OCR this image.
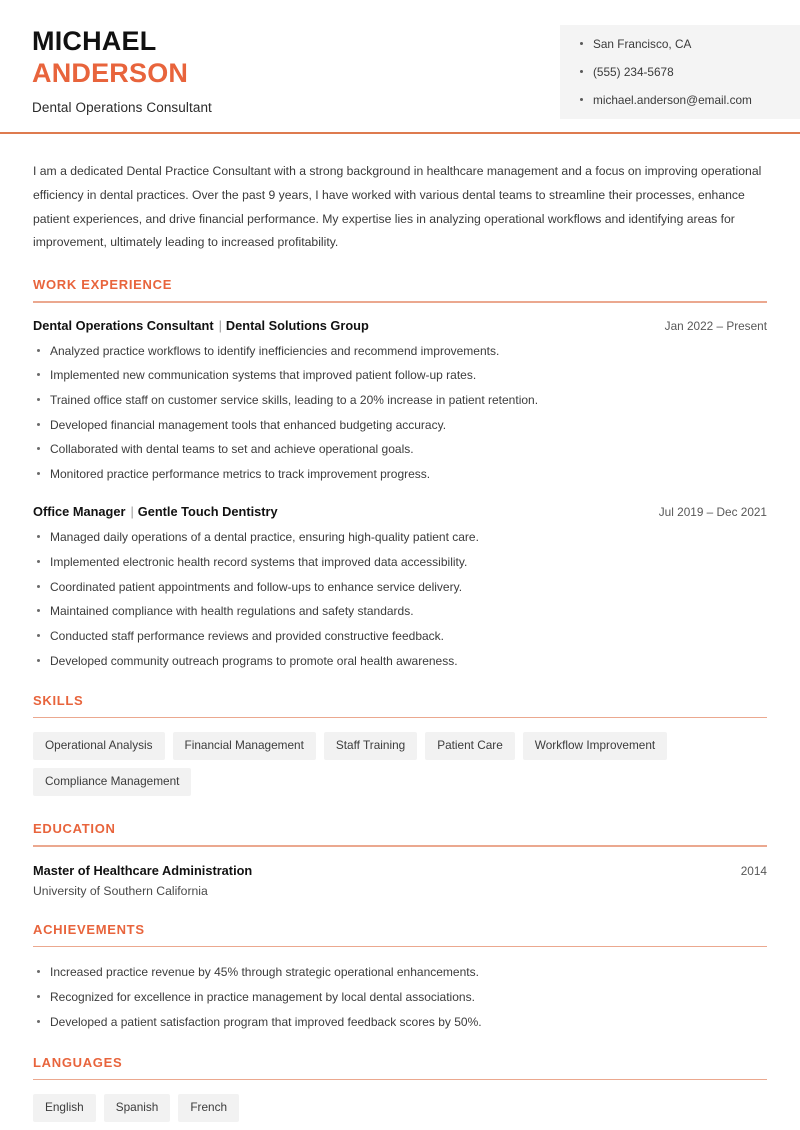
MICHAEL
ANDERSON
Dental Operations Consultant
San Francisco, CA
(555) 234-5678
michael.anderson@email.com

I am a dedicated Dental Practice Consultant with a strong background in healthcare management and a focus on improving operational efficiency in dental practices. Over the past 9 years, I have worked with various dental teams to streamline their processes, enhance patient experiences, and drive financial performance. My expertise lies in analyzing operational workflows and identifying areas for improvement, ultimately leading to increased profitability.

WORK EXPERIENCE
Dental Operations Consultant | Dental Solutions Group	Jan 2022 – Present
Analyzed practice workflows to identify inefficiencies and recommend improvements.
Implemented new communication systems that improved patient follow-up rates.
Trained office staff on customer service skills, leading to a 20% increase in patient retention.
Developed financial management tools that enhanced budgeting accuracy.
Collaborated with dental teams to set and achieve operational goals.
Monitored practice performance metrics to track improvement progress.
Office Manager | Gentle Touch Dentistry	Jul 2019 – Dec 2021
Managed daily operations of a dental practice, ensuring high-quality patient care.
Implemented electronic health record systems that improved data accessibility.
Coordinated patient appointments and follow-ups to enhance service delivery.
Maintained compliance with health regulations and safety standards.
Conducted staff performance reviews and provided constructive feedback.
Developed community outreach programs to promote oral health awareness.
SKILLS
Operational Analysis	Financial Management	Staff Training	Patient Care	Workflow Improvement
Compliance Management
EDUCATION
Master of Healthcare Administration	2014
University of Southern California
ACHIEVEMENTS
Increased practice revenue by 45% through strategic operational enhancements.
Recognized for excellence in practice management by local dental associations.
Developed a patient satisfaction program that improved feedback scores by 50%.
LANGUAGES
English	Spanish	French
